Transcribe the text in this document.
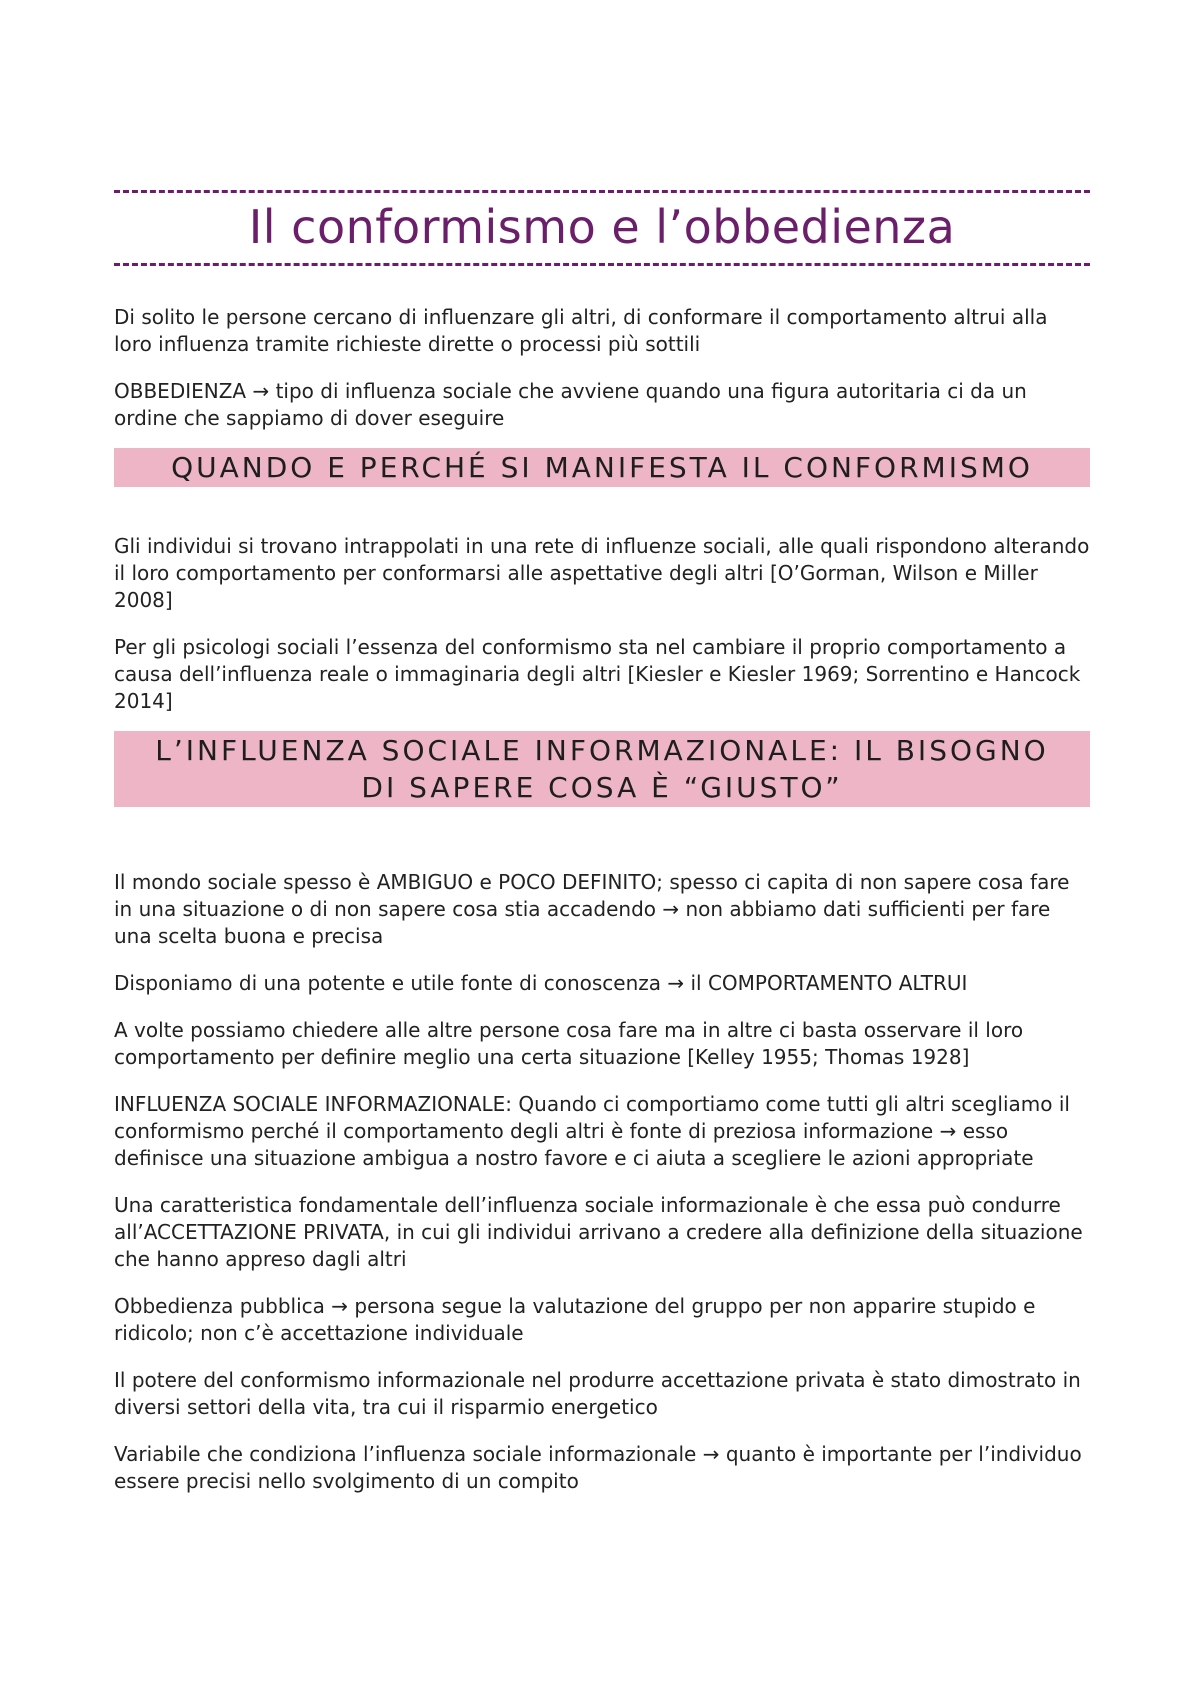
Il conformismo e l’obbedienza

Di solito le persone cercano di influenzare gli altri, di conformare il comportamento altrui alla loro influenza tramite richieste dirette o processi più sottili

OBBEDIENZA → tipo di influenza sociale che avviene quando una figura autoritaria ci da un ordine che sappiamo di dover eseguire

QUANDO E PERCHÉ SI MANIFESTA IL CONFORMISMO

Gli individui si trovano intrappolati in una rete di influenze sociali, alle quali rispondono alterando il loro comportamento per conformarsi alle aspettative degli altri [O’Gorman, Wilson e Miller 2008]

Per gli psicologi sociali l’essenza del conformismo sta nel cambiare il proprio comportamento a causa dell’influenza reale o immaginaria degli altri [Kiesler e Kiesler 1969; Sorrentino e Hancock 2014]

L’INFLUENZA SOCIALE INFORMAZIONALE: IL BISOGNO
DI SAPERE COSA È “GIUSTO”

Il mondo sociale spesso è AMBIGUO e POCO DEFINITO; spesso ci capita di non sapere cosa fare in una situazione o di non sapere cosa stia accadendo → non abbiamo dati sufficienti per fare una scelta buona e precisa

Disponiamo di una potente e utile fonte di conoscenza → il COMPORTAMENTO ALTRUI

A volte possiamo chiedere alle altre persone cosa fare ma in altre ci basta osservare il loro comportamento per definire meglio una certa situazione [Kelley 1955; Thomas 1928]

INFLUENZA SOCIALE INFORMAZIONALE: Quando ci comportiamo come tutti gli altri scegliamo il conformismo perché il comportamento degli altri è fonte di preziosa informazione → esso definisce una situazione ambigua a nostro favore e ci aiuta a scegliere le azioni appropriate

Una caratteristica fondamentale dell’influenza sociale informazionale è che essa può condurre all’ACCETTAZIONE PRIVATA, in cui gli individui arrivano a credere alla definizione della situazione che hanno appreso dagli altri

Obbedienza pubblica → persona segue la valutazione del gruppo per non apparire stupido e ridicolo; non c’è accettazione individuale

Il potere del conformismo informazionale nel produrre accettazione privata è stato dimostrato in diversi settori della vita, tra cui il risparmio energetico

Variabile che condiziona l’influenza sociale informazionale → quanto è importante per l’individuo essere precisi nello svolgimento di un compito
